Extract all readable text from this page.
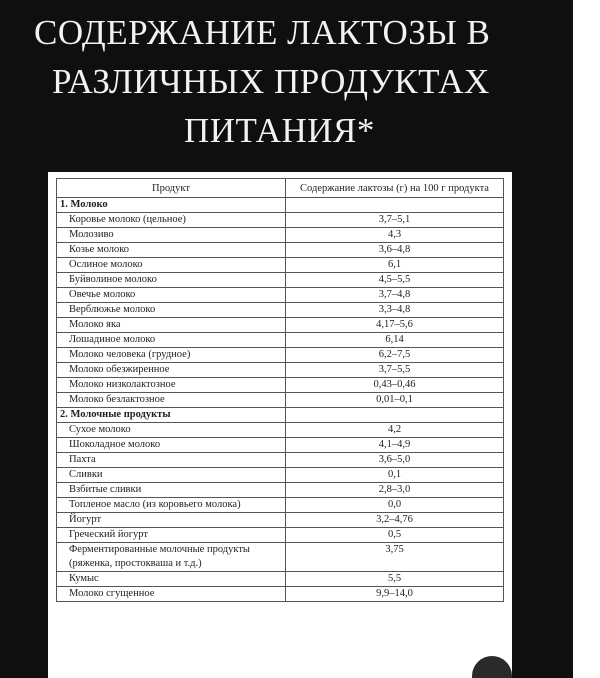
СОДЕРЖАНИЕ ЛАКТОЗЫ В
РАЗЛИЧНЫХ ПРОДУКТАХ
ПИТАНИЯ*
Продукт	Содержание лактозы (г) на 100 г продукта
1. Молоко	
Коровье молоко (цельное)	3,7–5,1
Молозиво	4,3
Козье молоко	3,6–4,8
Ослиное молоко	6,1
Буйволиное молоко	4,5–5,5
Овечье молоко	3,7–4,8
Верблюжье молоко	3,3–4,8
Молоко яка	4,17–5,6
Лошадиное молоко	6,14
Молоко человека (грудное)	6,2–7,5
Молоко обезжиренное	3,7–5,5
Молоко низколактозное	0,43–0,46
Молоко безлактозное	0,01–0,1
2. Молочные продукты	
Сухое молоко	4,2
Шоколадное молоко	4,1–4,9
Пахта	3,6–5,0
Сливки	0,1
Взбитые сливки	2,8–3,0
Топленое масло (из коровьего молока)	0,0
Йогурт	3,2–4,76
Греческий йогурт	0,5
Ферментированные молочные продукты (ряженка, простокваша и т.д.)	3,75
Кумыс	5,5
Молоко сгущенное	9,9–14,0
